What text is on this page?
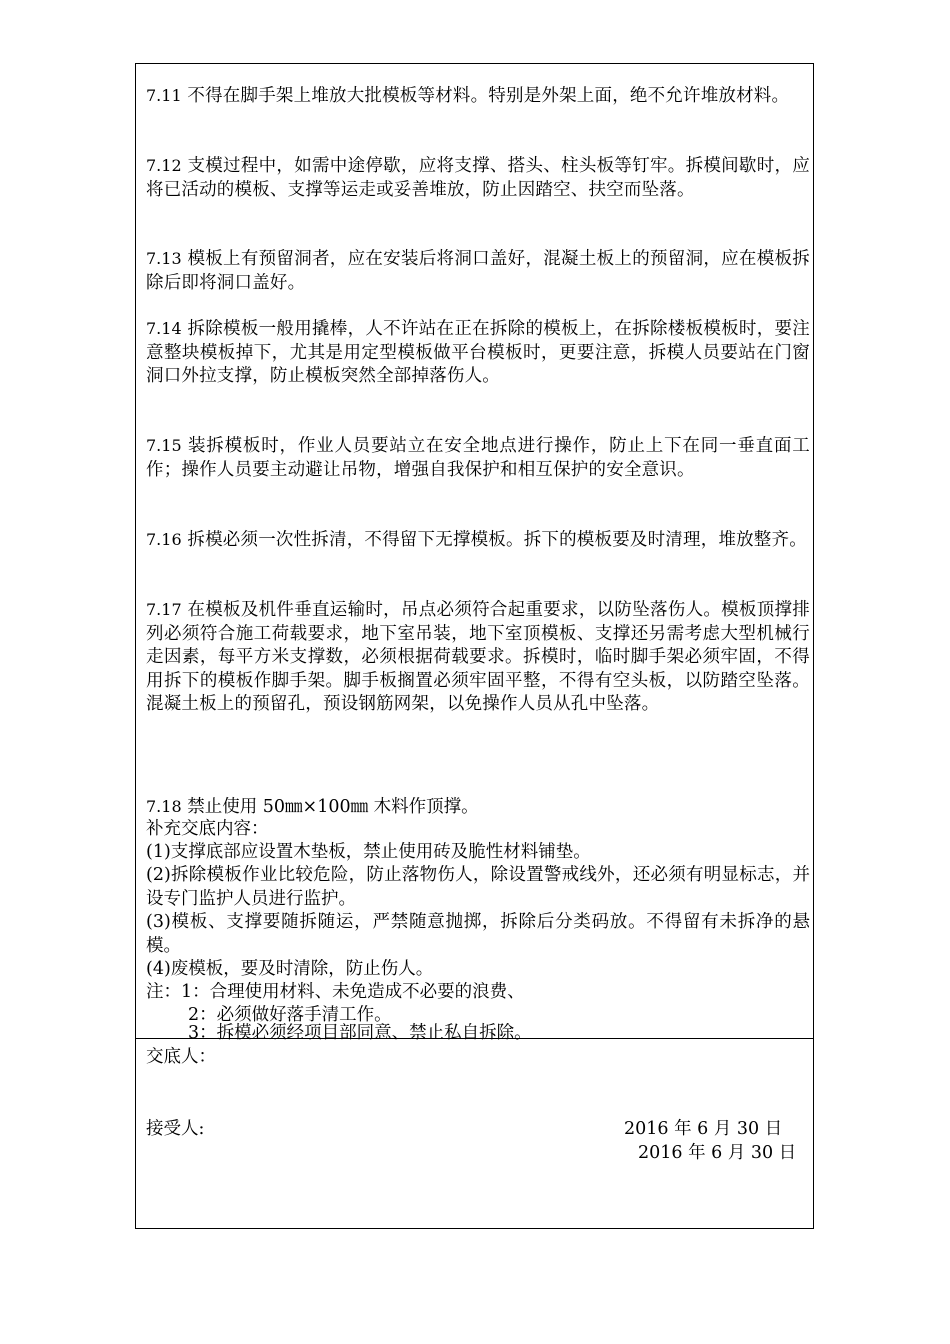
7.11 不得在脚手架上堆放大批模板等材料。特别是外架上面，绝不允许堆放材料。
7.12 支模过程中，如需中途停歇，应将支撑、搭头、柱头板等钉牢。拆模间歇时，应将已活动的模板、支撑等运走或妥善堆放，防止因踏空、扶空而坠落。
7.13 模板上有预留洞者，应在安装后将洞口盖好，混凝土板上的预留洞，应在模板拆除后即将洞口盖好。
7.14 拆除模板一般用撬棒，人不许站在正在拆除的模板上，在拆除楼板模板时，要注意整块模板掉下，尤其是用定型模板做平台模板时，更要注意，拆模人员要站在门窗洞口外拉支撑，防止模板突然全部掉落伤人。
7.15 装拆模板时，作业人员要站立在安全地点进行操作，防止上下在同一垂直面工作；操作人员要主动避让吊物，增强自我保护和相互保护的安全意识。
7.16 拆模必须一次性拆清，不得留下无撑模板。拆下的模板要及时清理，堆放整齐。
7.17 在模板及机件垂直运输时，吊点必须符合起重要求，以防坠落伤人。模板顶撑排列必须符合施工荷载要求，地下室吊装，地下室顶模板、支撑还另需考虑大型机械行走因素，每平方米支撑数，必须根据荷载要求。拆模时，临时脚手架必须牢固，不得用拆下的模板作脚手架。脚手板搁置必须牢固平整，不得有空头板，以防踏空坠落。混凝土板上的预留孔，预设钢筋网架，以免操作人员从孔中坠落。
7.18 禁止使用 50㎜×100㎜ 木料作顶撑。
补充交底内容：
(1)支撑底部应设置木垫板，禁止使用砖及脆性材料铺垫。
(2)拆除模板作业比较危险，防止落物伤人，除设置警戒线外，还必须有明显标志，并设专门监护人员进行监护。
(3)模板、支撑要随拆随运，严禁随意抛掷，拆除后分类码放。不得留有未拆净的悬模。
(4)废模板，要及时清除，防止伤人。
注：1：合理使用材料、未免造成不必要的浪费、
2：必须做好落手清工作。
3：拆模必须经项目部同意、禁止私自拆除。
交底人：
接受人:	2016 年 6 月 30 日
2016 年 6 月 30 日
